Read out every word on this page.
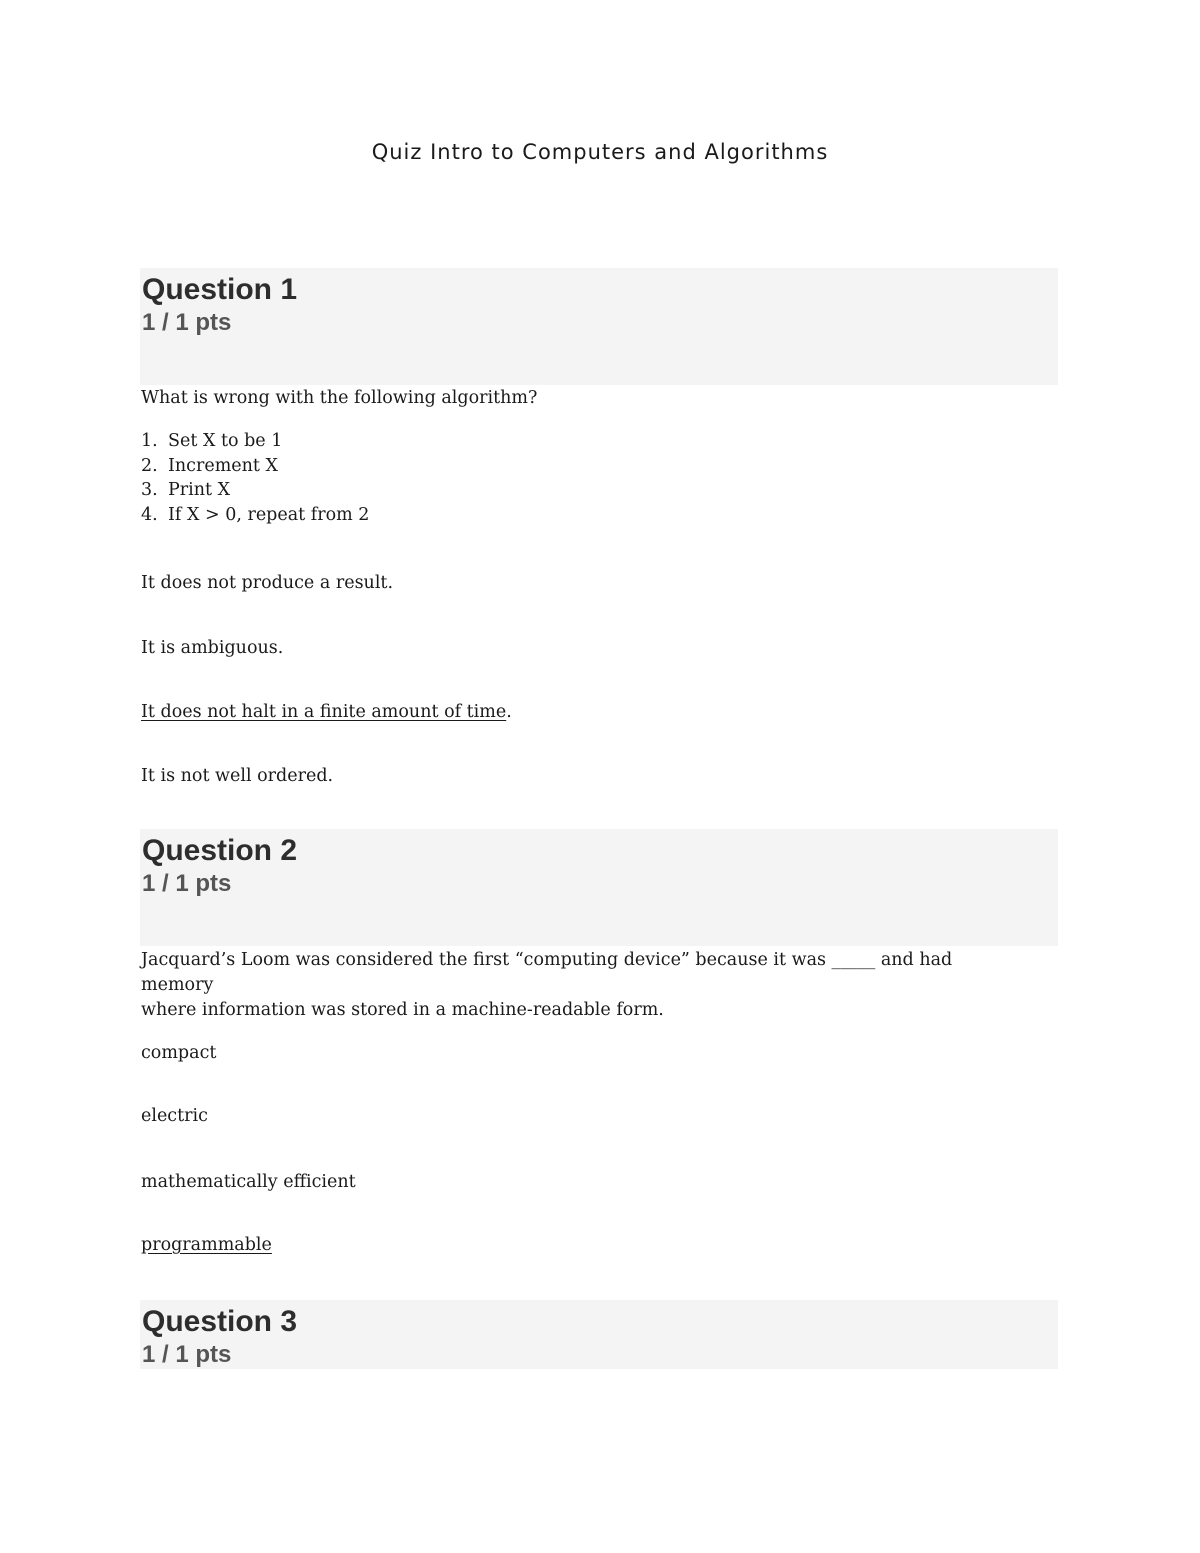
Quiz Intro to Computers and Algorithms
Question 1
1 / 1 pts

What is wrong with the following algorithm?

1. Set X to be 1
2. Increment X
3. Print X
4. If X > 0, repeat from 2

It does not produce a result.

It is ambiguous.

It does not halt in a finite amount of time.

It is not well ordered.

Question 2
1 / 1 pts

Jacquard’s Loom was considered the first “computing device” because it was _____ and had memory
where information was stored in a machine-readable form.

compact

electric

mathematically efficient

programmable

Question 3
1 / 1 pts
